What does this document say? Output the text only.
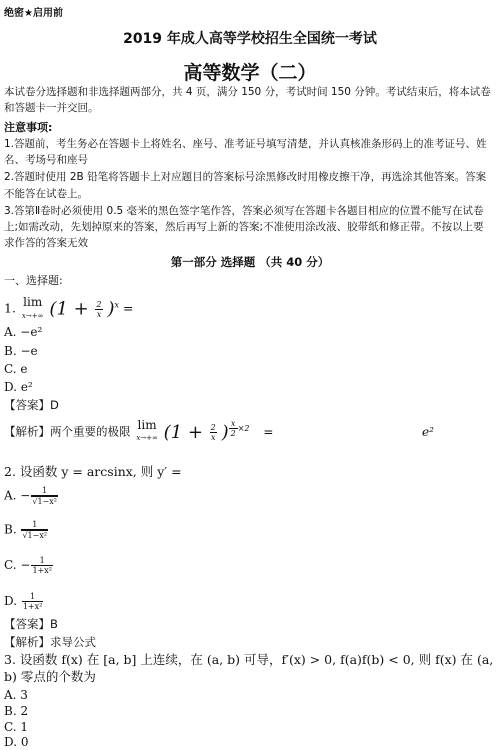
绝密★启用前
2019 年成人高等学校招生全国统一考试
高等数学（二）
本试卷分选择题和非选择题两部分，共 4 页，满分 150 分，考试时间 150 分钟。考试结束后，将本试卷和答题卡一并交回。
注意事项:

1.答题前，考生务必在答题卡上将姓名、座号、准考证号填写清楚，并认真核准条形码上的准考证号、姓名、考场号和座号

2.答题时使用 2B 铅笔将答题卡上对应题目的答案标号涂黑修改时用橡皮擦干净，再选涂其他答案。答案不能答在试卷上。

3.答第Ⅱ卷时必须使用 0.5 毫米的黑色签字笔作答，答案必须写在答题卡各题目相应的位置不能写在试卷上;如需改动，先划掉原来的答案，然后再写上新的答案;不准使用涂改液、胶带纸和修正带。不按以上要求作答的答案无效

第一部分 选择题 （共 40 分）
一、选择题:
1. lim
x→+∞ $(1 + \frac{2}{x} )^x$ =
A. −e²
B. −e
C. e
D. e²
【答案】D
【解析】两个重要的极限 lim
x→+∞ ($1 + \frac{2}{x}$ ) $^{\frac{x}{2} \times 2}$ =	e²
2. 设函数 y = arcsinx, 则 y′ =
A. − $\frac{1}{\text{√1−x²}}$
B. $\frac{1}{\text{√1−x²}}$
C. − $\frac{1}{\text{1+x²}}$
D. $\frac{1}{\text{1+x²}}$
【答案】B
【解析】求导公式
3. 设函数 f(x) 在 [a, b] 上连续，在 (a, b) 可导，f′(x) > 0, f(a)f(b) < 0, 则 f(x) 在 (a, b) 零点的个数为
A. 3
B. 2
C. 1
D. 0
